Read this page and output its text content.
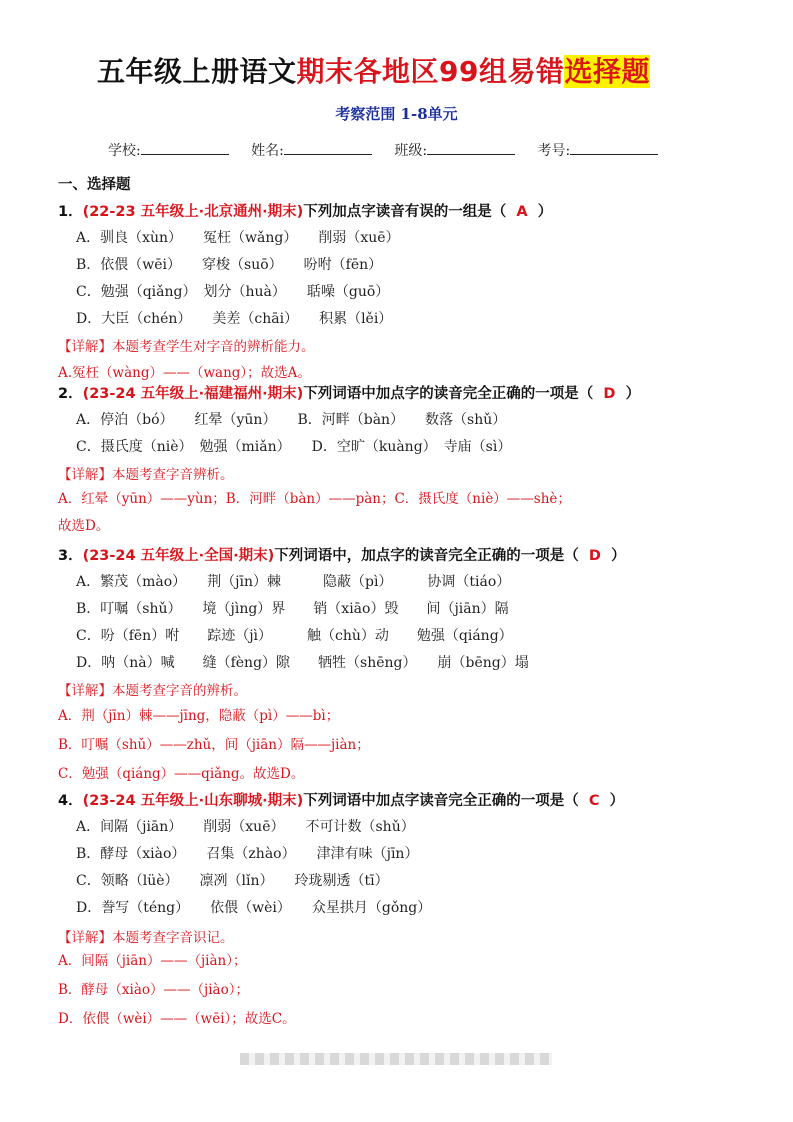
五年级上册语文期末各地区99组易错选择题
考察范围 1-8单元
学校:	姓名:	班级:	考号:
一、选择题
1．(22-23 五年级上·北京通州·期末)下列加点字读音有误的一组是（ A ）
A．驯良（xùn）　　冤枉（wǎng）　　削弱（xuē）
B．依偎（wēi）　　穿梭（suō）　　吩咐（fēn）
C．勉强（qiǎng）　划分（huà）　　聒噪（guō）
D．大臣（chén）　　美差（chāi）　　积累（lěi）
【详解】本题考查学生对字音的辨析能力。
A.冤枉（wàng）——（wang）；故选A。
2．(23-24 五年级上·福建福州·期末)下列词语中加点字的读音完全正确的一项是（ D ）
A．停泊（bó）　　红晕（yūn）　　B．河畔（bàn）　　数落（shǔ）
C．摄氏度（niè）　勉强（miǎn）　　D．空旷（kuàng）　寺庙（sì）
【详解】本题考查字音辨析。
A．红晕（yūn）——yùn；B．河畔（bàn）——pàn；C．摄氏度（niè）——shè；
故选D。
3．(23-24 五年级上·全国·期末)下列词语中，加点字的读音完全正确的一项是（ D ）
A．繁茂（mào）　　荆（jīn）棘　　　隐蔽（pì）　　　协调（tiáo）
B．叮嘱（shǔ）　　境（jìng）界　　销（xiāo）毁　　间（jiān）隔
C．吩（fēn）咐　　踪迹（jì）　　　触（chù）动　　勉强（qiáng）
D．呐（nà）喊　　缝（fèng）隙　　牺牲（shēng）　　崩（bēng）塌
【详解】本题考查字音的辨析。
A．荆（jīn）棘——jīng，隐蔽（pì）——bì；
B．叮嘱（shǔ）——zhǔ，间（jiān）隔——jiàn；
C．勉强（qiáng）——qiǎng。故选D。
4．(23-24 五年级上·山东聊城·期末)下列词语中加点字读音完全正确的一项是（ C ）
A．间隔（jiān）　　削弱（xuē）　　不可计数（shǔ）
B．酵母（xiào）　　召集（zhào）　　津津有味（jīn）
C．领略（lüè）　　凛冽（lǐn）　　玲珑剔透（tī）
D．誊写（téng）　　依偎（wèi）　　众星拱月（gǒng）
【详解】本题考查字音识记。
A．间隔（jiān）——（jiàn）；
B．酵母（xiào）——（jiào）；
D．依偎（wèi）——（wēi）；故选C。
